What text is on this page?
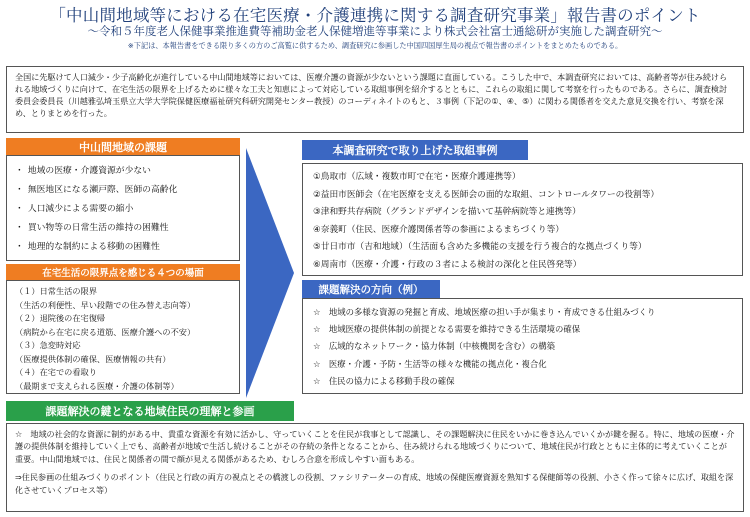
「中山間地域等における在宅医療・介護連携に関する調査研究事業」報告書のポイント
～令和５年度老人保健事業推進費等補助金老人保健増進等事業により株式会社富士通総研が実施した調査研究～
※下記は、本報告書をできる限り多くの方のご高覧に供するため、調査研究に参画した中国四国厚生局の視点で報告書のポイントをまとめたものである。
全国に先駆けて人口減少・少子高齢化が進行している中山間地域等においては、医療介護の資源が少ないという課題に直面している。こうした中で、本調査研究においては、高齢者等が住み続けられる地域づくりに向けて、在宅生活の限界を上げるために様々な工夫と知恵によって対応している取組事例を紹介するとともに、これらの取組に関して考察を行ったものである。さらに、調査検討委員会委員長（川越雅弘埼玉県立大学大学院保健医療福祉研究科研究開発センター教授）のコーディネイトのもと、３事例（下記の①、④、⑤）に関わる関係者を交えた意見交換を行い、考察を深め、とりまとめを行った。
中山間地域の課題
・ 地域の医療・介護資源が少ない
・ 無医地区になる瀬戸際、医師の高齢化
・ 人口減少による需要の縮小
・ 買い物等の日常生活の維持の困難性
・ 地理的な制約による移動の困難性
在宅生活の限界点を感じる４つの場面
（１）日常生活の限界
（生活の利便性、早い段階での住み替え志向等）
（２）退院後の在宅復帰
（病院から在宅に戻る道筋、医療介護への不安）
（３）急変時対応
（医療提供体制の確保、医療情報の共有）
（４）在宅での看取り
（最期まで支えられる医療・介護の体制等）
本調査研究で取り上げた取組事例
①鳥取市（広域・複数市町で在宅・医療介護連携等）
②益田市医師会（在宅医療を支える医師会の面的な取組、コントロールタワーの役割等）
③津和野共存病院（グランドデザインを描いて基幹病院等と連携等）
④奈義町（住民、医療介護関係者等の参画によるまちづくり等）
⑤廿日市市（吉和地域）（生活面も含めた多機能の支援を行う複合的な拠点づくり等）
⑥周南市（医療・介護・行政の３者による検討の深化と住民啓発等）
課題解決の方向（例）
☆　地域の多様な資源の発掘と育成、地域医療の担い手が集まり・育成できる仕組みづくり
☆　地域医療の提供体制の前提となる需要を維持できる生活環境の確保
☆　広域的なネットワーク・協力体制（中核機関を含む）の構築
☆　医療・介護・予防・生活等の様々な機能の拠点化・複合化
☆　住民の協力による移動手段の確保
課題解決の鍵となる地域住民の理解と参画
☆　地域の社会的な資源に制約がある中、貴重な資源を有効に活かし、守っていくことを住民が我事として認識し、その課題解決に住民をいかに巻き込んでいくかが鍵を握る。特に、地域の医療・介護の提供体制を維持していく上でも、高齢者が地域で生活し続けることがその存続の条件となることから、住み続けられる地域づくりについて、地域住民が行政とともに主体的に考えていくことが重要。中山間地域では、住民と関係者の間で顔が見える関係があるため、むしろ合意を形成しやすい面もある。
⇒住民参画の仕組みづくりのポイント（住民と行政の両方の視点とその橋渡しの役割、ファシリテーターの育成、地域の保健医療資源を熟知する保健師等の役割、小さく作って徐々に広げ、取組を深化させていくプロセス等）
